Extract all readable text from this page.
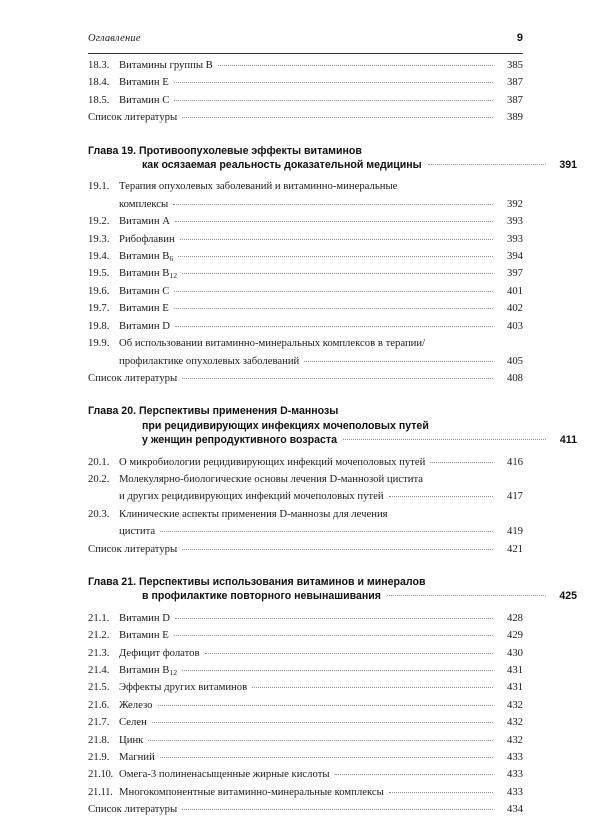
Оглавление	9
18.3. Витамины группы B	385
18.4. Витамин Е	387
18.5. Витамин С	387
Список литературы	389
Глава 19. Противоопухолевые эффекты витаминов
как осязаемая реальность доказательной медицины	391
19.1. Терапия опухолевых заболеваний и витаминно-минеральные
комплексы	392
19.2. Витамин A	393
19.3. Рибофлавин	393
19.4. Витамин $B_6$	394
19.5. Витамин $B_{12}$	397
19.6. Витамин С	401
19.7. Витамин Е	402
19.8. Витамин D	403
19.9. Об использовании витаминно-минеральных комплексов в терапии/
профилактике опухолевых заболеваний	405
Список литературы	408
Глава 20. Перспективы применения D-маннозы
при рецидивирующих инфекциях мочеполовых путей
у женщин репродуктивного возраста	411
20.1. О микробиологии рецидивирующих инфекций мочеполовых путей	416
20.2. Молекулярно-биологические основы лечения D-маннозой цистита
и других рецидивирующих инфекций мочеполовых путей	417
20.3. Клинические аспекты применения D-маннозы для лечения
цистита	419
Список литературы	421
Глава 21. Перспективы использования витаминов и минералов
в профилактике повторного невынашивания	425
21.1. Витамин D	428
21.2. Витамин Е	429
21.3. Дефицит фолатов	430
21.4. Витамин $B_{12}$	431
21.5. Эффекты других витаминов	431
21.6. Железо	432
21.7. Селен	432
21.8. Цинк	432
21.9. Магний	433
21.10. Омега-3 полиненасыщенные жирные кислоты	433
21.11. Многокомпонентные витаминно-минеральные комплексы	433
Список литературы	434
